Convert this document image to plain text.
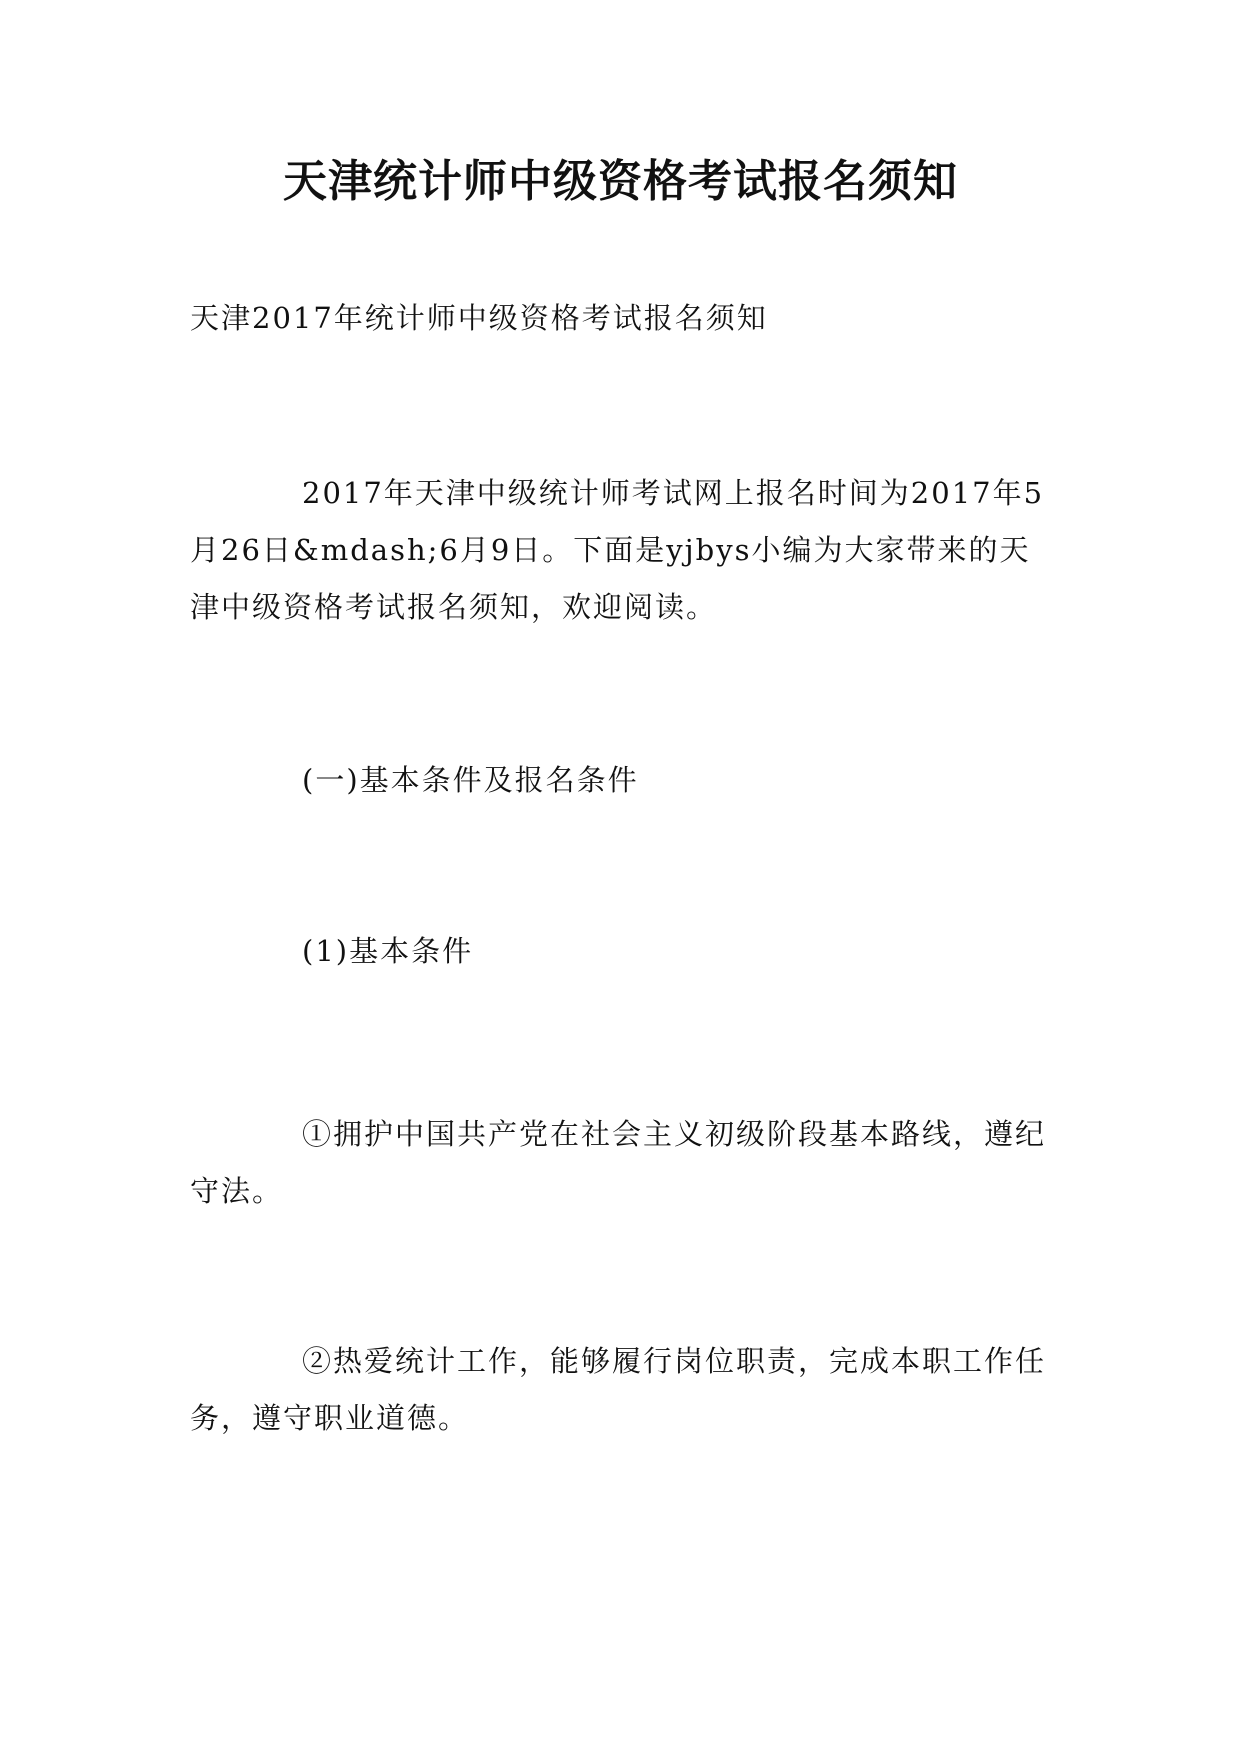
天津统计师中级资格考试报名须知

天津2017年统计师中级资格考试报名须知

2017年天津中级统计师考试网上报名时间为2017年5月26日&mdash;6月9日。下面是yjbys小编为大家带来的天津中级资格考试报名须知，欢迎阅读。

(一)基本条件及报名条件

(1)基本条件

①拥护中国共产党在社会主义初级阶段基本路线，遵纪守法。

②热爱统计工作，能够履行岗位职责，完成本职工作任务，遵守职业道德。
